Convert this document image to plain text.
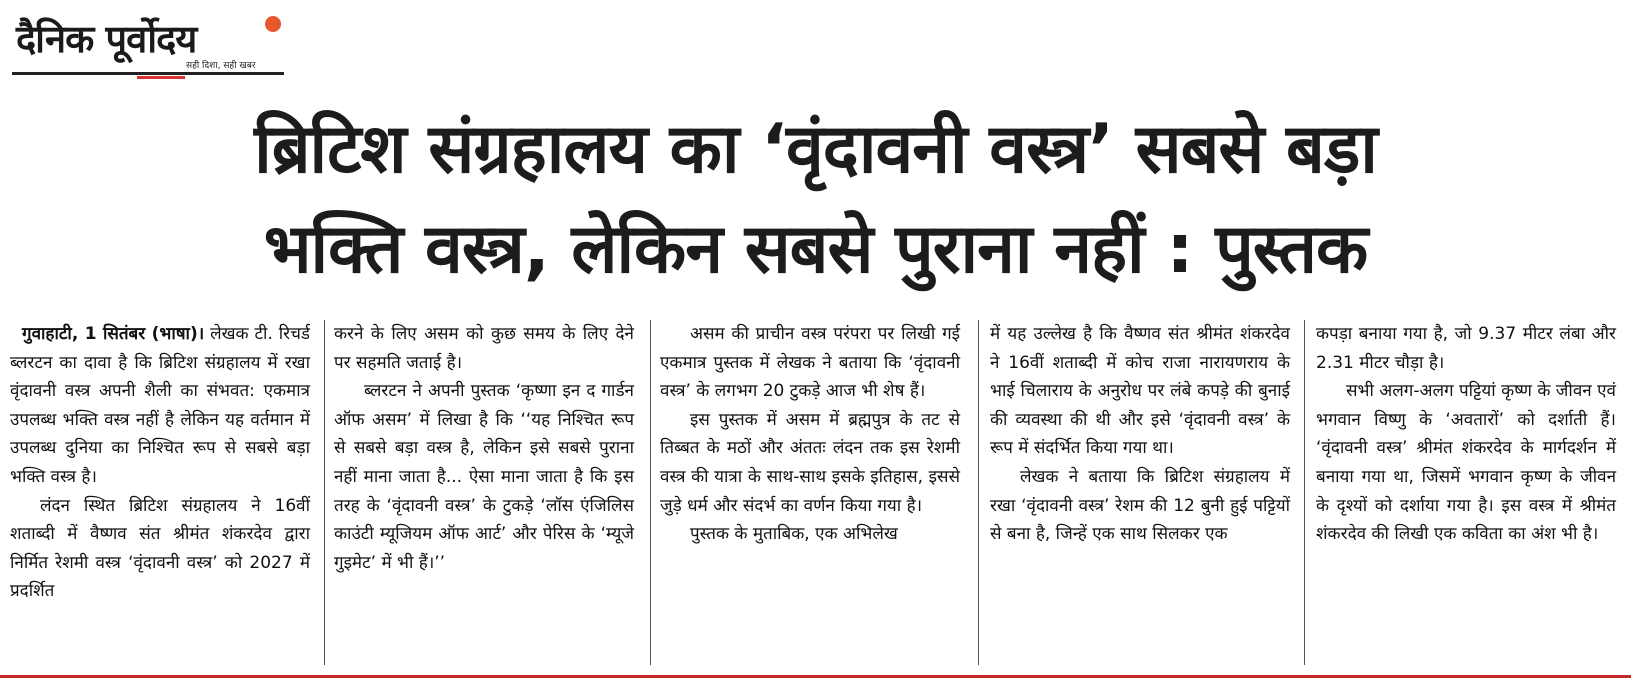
दैनिक पूर्वोदय
सही दिशा, सही खबर
ब्रिटिश संग्रहालय का ‘वृंदावनी वस्त्र’ सबसे बड़ा
भक्ति वस्त्र, लेकिन सबसे पुराना नहीं : पुस्तक

गुवाहाटी, 1 सितंबर (भाषा)। लेखक टी. रिचर्ड ब्लरटन का दावा है कि ब्रिटिश संग्रहालय में रखा वृंदावनी वस्त्र अपनी शैली का संभवत: एकमात्र उपलब्ध भक्ति वस्त्र नहीं है लेकिन यह वर्तमान में उपलब्ध दुनिया का निश्चित रूप से सबसे बड़ा भक्ति वस्त्र है।

लंदन स्थित ब्रिटिश संग्रहालय ने 16वीं शताब्दी में वैष्णव संत श्रीमंत शंकरदेव द्वारा निर्मित रेशमी वस्त्र ‘वृंदावनी वस्त्र’ को 2027 में प्रदर्शित

करने के लिए असम को कुछ समय के लिए देने पर सहमति जताई है।

ब्लरटन ने अपनी पुस्तक ‘कृष्णा इन द गार्डन ऑफ असम’ में लिखा है कि ‘‘यह निश्चित रूप से सबसे बड़ा वस्त्र है, लेकिन इसे सबसे पुराना नहीं माना जाता है... ऐसा माना जाता है कि इस तरह के ‘वृंदावनी वस्त्र’ के टुकड़े ‘लॉस एंजिलिस काउंटी म्यूजियम ऑफ आर्ट’ और पेरिस के ‘म्यूजे गुइमेट’ में भी हैं।’’

असम की प्राचीन वस्त्र परंपरा पर लिखी गई एकमात्र पुस्तक में लेखक ने बताया कि ‘वृंदावनी वस्त्र’ के लगभग 20 टुकड़े आज भी शेष हैं।

इस पुस्तक में असम में ब्रह्मपुत्र के तट से तिब्बत के मठों और अंततः लंदन तक इस रेशमी वस्त्र की यात्रा के साथ-साथ इसके इतिहास, इससे जुड़े धर्म और संदर्भ का वर्णन किया गया है।

पुस्तक के मुताबिक, एक अभिलेख

में यह उल्लेख है कि वैष्णव संत श्रीमंत शंकरदेव ने 16वीं शताब्दी में कोच राजा नारायणराय के भाई चिलाराय के अनुरोध पर लंबे कपड़े की बुनाई की व्यवस्था की थी और इसे ‘वृंदावनी वस्त्र’ के रूप में संदर्भित किया गया था।

लेखक ने बताया कि ब्रिटिश संग्रहालय में रखा ‘वृंदावनी वस्त्र’ रेशम की 12 बुनी हुई पट्टियों से बना है, जिन्हें एक साथ सिलकर एक

कपड़ा बनाया गया है, जो 9.37 मीटर लंबा और 2.31 मीटर चौड़ा है।

सभी अलग-अलग पट्टियां कृष्ण के जीवन एवं भगवान विष्णु के ‘अवतारों’ को दर्शाती हैं। ‘वृंदावनी वस्त्र’ श्रीमंत शंकरदेव के मार्गदर्शन में बनाया गया था, जिसमें भगवान कृष्ण के जीवन के दृश्यों को दर्शाया गया है। इस वस्त्र में श्रीमंत शंकरदेव की लिखी एक कविता का अंश भी है।
